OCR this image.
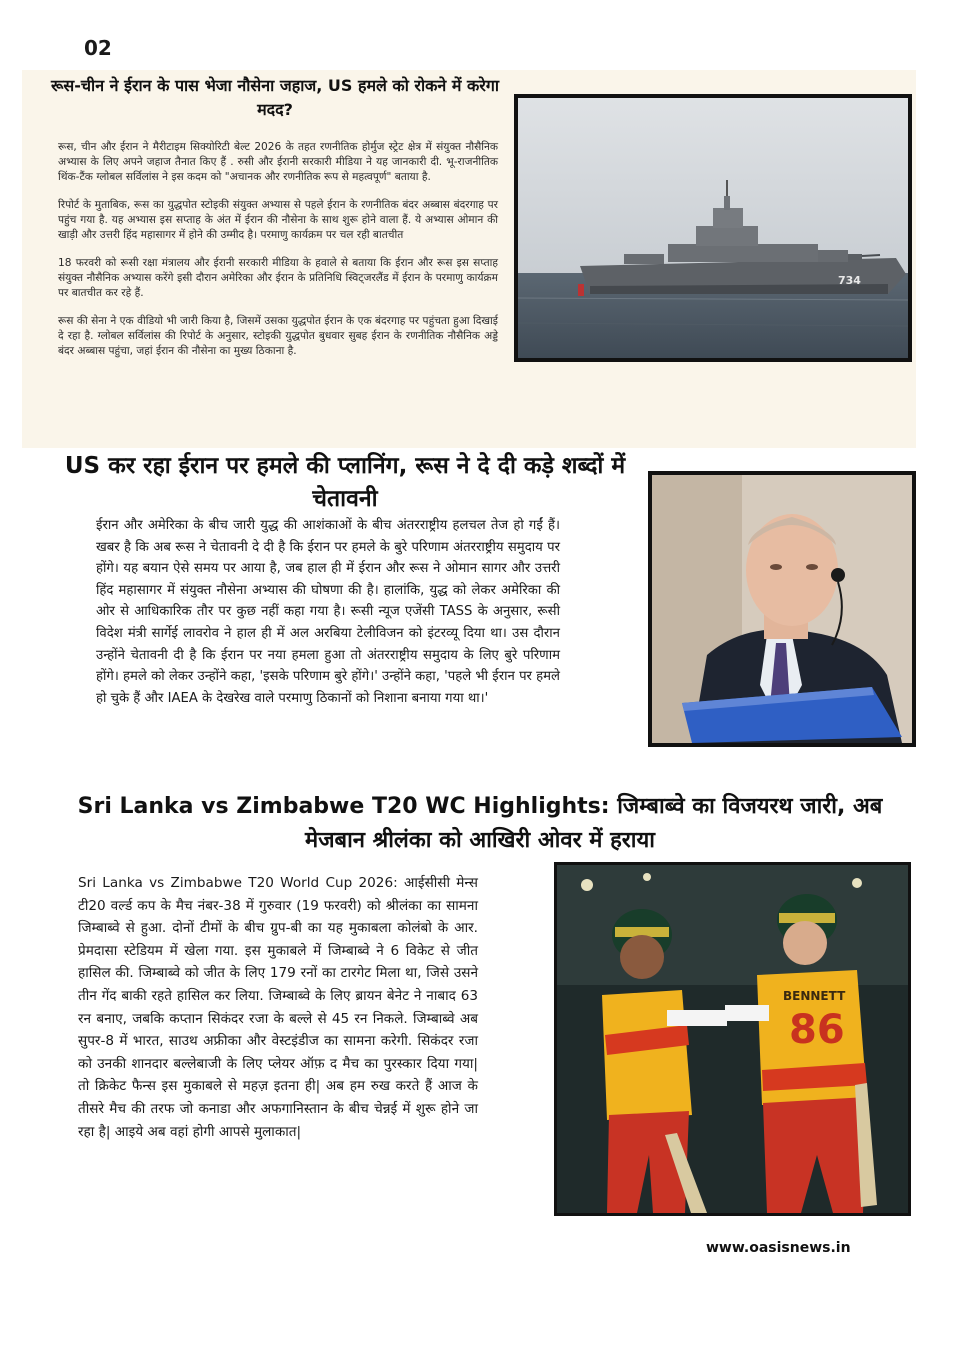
02
रूस-चीन ने ईरान के पास भेजा नौसेना जहाज, US हमले को रोकने में करेगा मदद?

रूस, चीन और ईरान ने मैरीटाइम सिक्योरिटी बेल्ट 2026 के तहत रणनीतिक होर्मुज स्ट्रेट क्षेत्र में संयुक्त नौसैनिक अभ्यास के लिए अपने जहाज तैनात किए हैं . रुसी और ईरानी सरकारी मीडिया ने यह जानकारी दी. भू-राजनीतिक थिंक-टैंक ग्लोबल सर्विलांस ने इस कदम को "अचानक और रणनीतिक रूप से महत्वपूर्ण" बताया है.

रिपोर्ट के मुताबिक, रूस का युद्धपोत स्टोइकी संयुक्त अभ्यास से पहले ईरान के रणनीतिक बंदर अब्बास बंदरगाह पर पहुंच गया है. यह अभ्यास इस सप्ताह के अंत में ईरान की नौसेना के साथ शुरू होने वाला हैं. ये अभ्यास ओमान की खाड़ी और उत्तरी हिंद महासागर में होने की उम्मीद है। परमाणु कार्यक्रम पर चल रही बातचीत

18 फरवरी को रूसी रक्षा मंत्रालय और ईरानी सरकारी मीडिया के हवाले से बताया कि ईरान और रूस इस सप्ताह संयुक्त नौसैनिक अभ्यास करेंगे इसी दौरान अमेरिका और ईरान के प्रतिनिधि स्विट्जरलैंड में ईरान के परमाणु कार्यक्रम पर बातचीत कर रहे हैं.

रूस की सेना ने एक वीडियो भी जारी किया है, जिसमें उसका युद्धपोत ईरान के एक बंदरगाह पर पहुंचता हुआ दिखाई दे रहा है. ग्लोबल सर्विलांस की रिपोर्ट के अनुसार, स्टोइकी युद्धपोत बुधवार सुबह ईरान के रणनीतिक नौसैनिक अड्डे बंदर अब्बास पहुंचा, जहां ईरान की नौसेना का मुख्य ठिकाना है.

734
US कर रहा ईरान पर हमले की प्लानिंग, रूस ने दे दी कड़े शब्दों में चेतावनी

ईरान और अमेरिका के बीच जारी युद्ध की आशंकाओं के बीच अंतरराष्ट्रीय हलचल तेज हो गईं हैं। खबर है कि अब रूस ने चेतावनी दे दी है कि ईरान पर हमले के बुरे परिणाम अंतरराष्ट्रीय समुदाय पर होंगे। यह बयान ऐसे समय पर आया है, जब हाल ही में ईरान और रूस ने ओमान सागर और उत्तरी हिंद महासागर में संयुक्त नौसेना अभ्यास की घोषणा की है। हालांकि, युद्ध को लेकर अमेरिका की ओर से आधिकारिक तौर पर कुछ नहीं कहा गया है। रूसी न्यूज एजेंसी TASS के अनुसार, रूसी विदेश मंत्री सार्गेई लावरोव ने हाल ही में अल अरबिया टेलीविजन को इंटरव्यू दिया था। उस दौरान उन्होंने चेतावनी दी है कि ईरान पर नया हमला हुआ तो अंतरराष्ट्रीय समुदाय के लिए बुरे परिणाम होंगे। हमले को लेकर उन्होंने कहा, 'इसके परिणाम बुरे होंगे।' उन्होंने कहा, 'पहले भी ईरान पर हमले हो चुके हैं और IAEA के देखरेख वाले परमाणु ठिकानों को निशाना बनाया गया था।'

Sri Lanka vs Zimbabwe T20 WC Highlights: जिम्बाब्वे का विजयरथ जारी, अब मेजबान श्रीलंका को आखिरी ओवर में हराया

Sri Lanka vs Zimbabwe T20 World Cup 2026: आईसीसी मेन्स टी20 वर्ल्ड कप के मैच नंबर-38 में गुरुवार (19 फरवरी) को श्रीलंका का सामना जिम्बाब्वे से हुआ. दोनों टीमों के बीच ग्रुप-बी का यह मुकाबला कोलंबो के आर. प्रेमदासा स्टेडियम में खेला गया. इस मुकाबले में जिम्बाब्वे ने 6 विकेट से जीत हासिल की. जिम्बाब्वे को जीत के लिए 179 रनों का टारगेट मिला था, जिसे उसने तीन गेंद बाकी रहते हासिल कर लिया. जिम्बाब्वे के लिए ब्रायन बेनेट ने नाबाद 63 रन बनाए, जबकि कप्तान सिकंदर रजा के बल्ले से 45 रन निकले. जिम्बाब्वे अब सुपर-8 में भारत, साउथ अफ्रीका और वेस्टइंडीज का सामना करेगी. सिकंदर रजा को उनकी शानदार बल्लेबाजी के लिए प्लेयर ऑफ़ द मैच का पुरस्कार दिया गया| तो क्रिकेट फैन्स इस मुकाबले से महज़ इतना ही| अब हम रुख करते हैं आज के तीसरे मैच की तरफ जो कनाडा और अफगानिस्तान के बीच चेन्नई में शुरू होने जा रहा है| आइये अब वहां होगी आपसे मुलाकात|

BENNETT
86
www.oasisnews.in
